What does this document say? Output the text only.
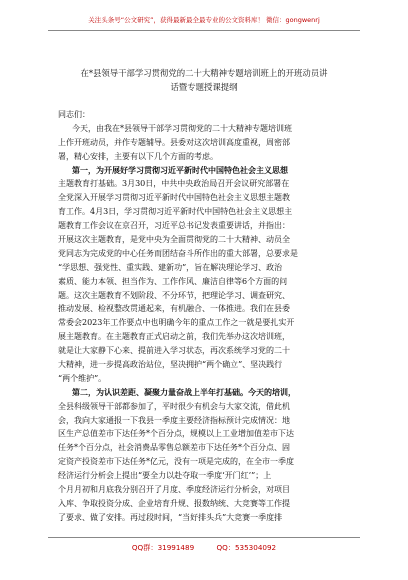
关注头条号“公文研究”，获得最新最全最专业的公文资料库！ 微信：gongwenrj
在*县领导干部学习贯彻党的二十大精神专题培训班上的开班动员讲
话暨专题授课提纲
同志们：
今天，由我在*县领导干部学习贯彻党的二十大精神专题培训班
上作开班动员，并作专题辅导。县委对这次培训高度重视，周密部
署，精心安排，主要有以下几个方面的考虑。
第一，为开展好学习贯彻习近平新时代中国特色社会主义思想
主题教育打基础。3月30日，中共中央政治局召开会议研究部署在
全党深入开展学习贯彻习近平新时代中国特色社会主义思想主题教
育工作。4月3日，学习贯彻习近平新时代中国特色社会主义思想主
题教育工作会议在京召开，习近平总书记发表重要讲话，并指出：
开展这次主题教育，是党中央为全面贯彻党的二十大精神、动员全
党同志为完成党的中心任务而团结奋斗所作出的重大部署，总要求是
“学思想、强党性、重实践、建新功”，旨在解决理论学习、政治
素质、能力本领、担当作为、工作作风、廉洁自律等6个方面的问
题。这次主题教育不划阶段、不分环节，把理论学习、调查研究、
推动发展、检视整改贯通起来，有机融合、一体推进。我们在县委
常委会2023年工作要点中也明确今年的重点工作之一就是要扎实开
展主题教育。在主题教育正式启动之前，我们先举办这次培训班，
就是让大家静下心来、提前进入学习状态，再次系统学习党的二十
大精神，进一步提高政治站位，坚决拥护“两个确立”、坚决践行
“两个维护”。
第二，为认识差距、凝聚力量奋战上半年打基础。今天的培训，
全县科级领导干部都参加了，平时很少有机会与大家交流，借此机
会，我向大家通报一下我县一季度主要经济指标预计完成情况：地
区生产总值差市下达任务*个百分点，规模以上工业增加值差市下达
任务*个百分点，社会消费品零售总额差市下达任务*个百分点、固
定资产投资差市下达任务*亿元，没有一项是完成的，在全市一季度
经济运行分析会上提出“要全力以赴夺取一季度‘开门红’”；上
个月月初和月底我分别召开了月度、季度经济运行分析会，对项目
入库、争取投资分成、企业培育升规、报数纳统、大竞赛等工作提
了要求、做了安排。再过段时间，“当好排头兵”大竞赛一季度排
QQ群：31991489	QQ：535304092
